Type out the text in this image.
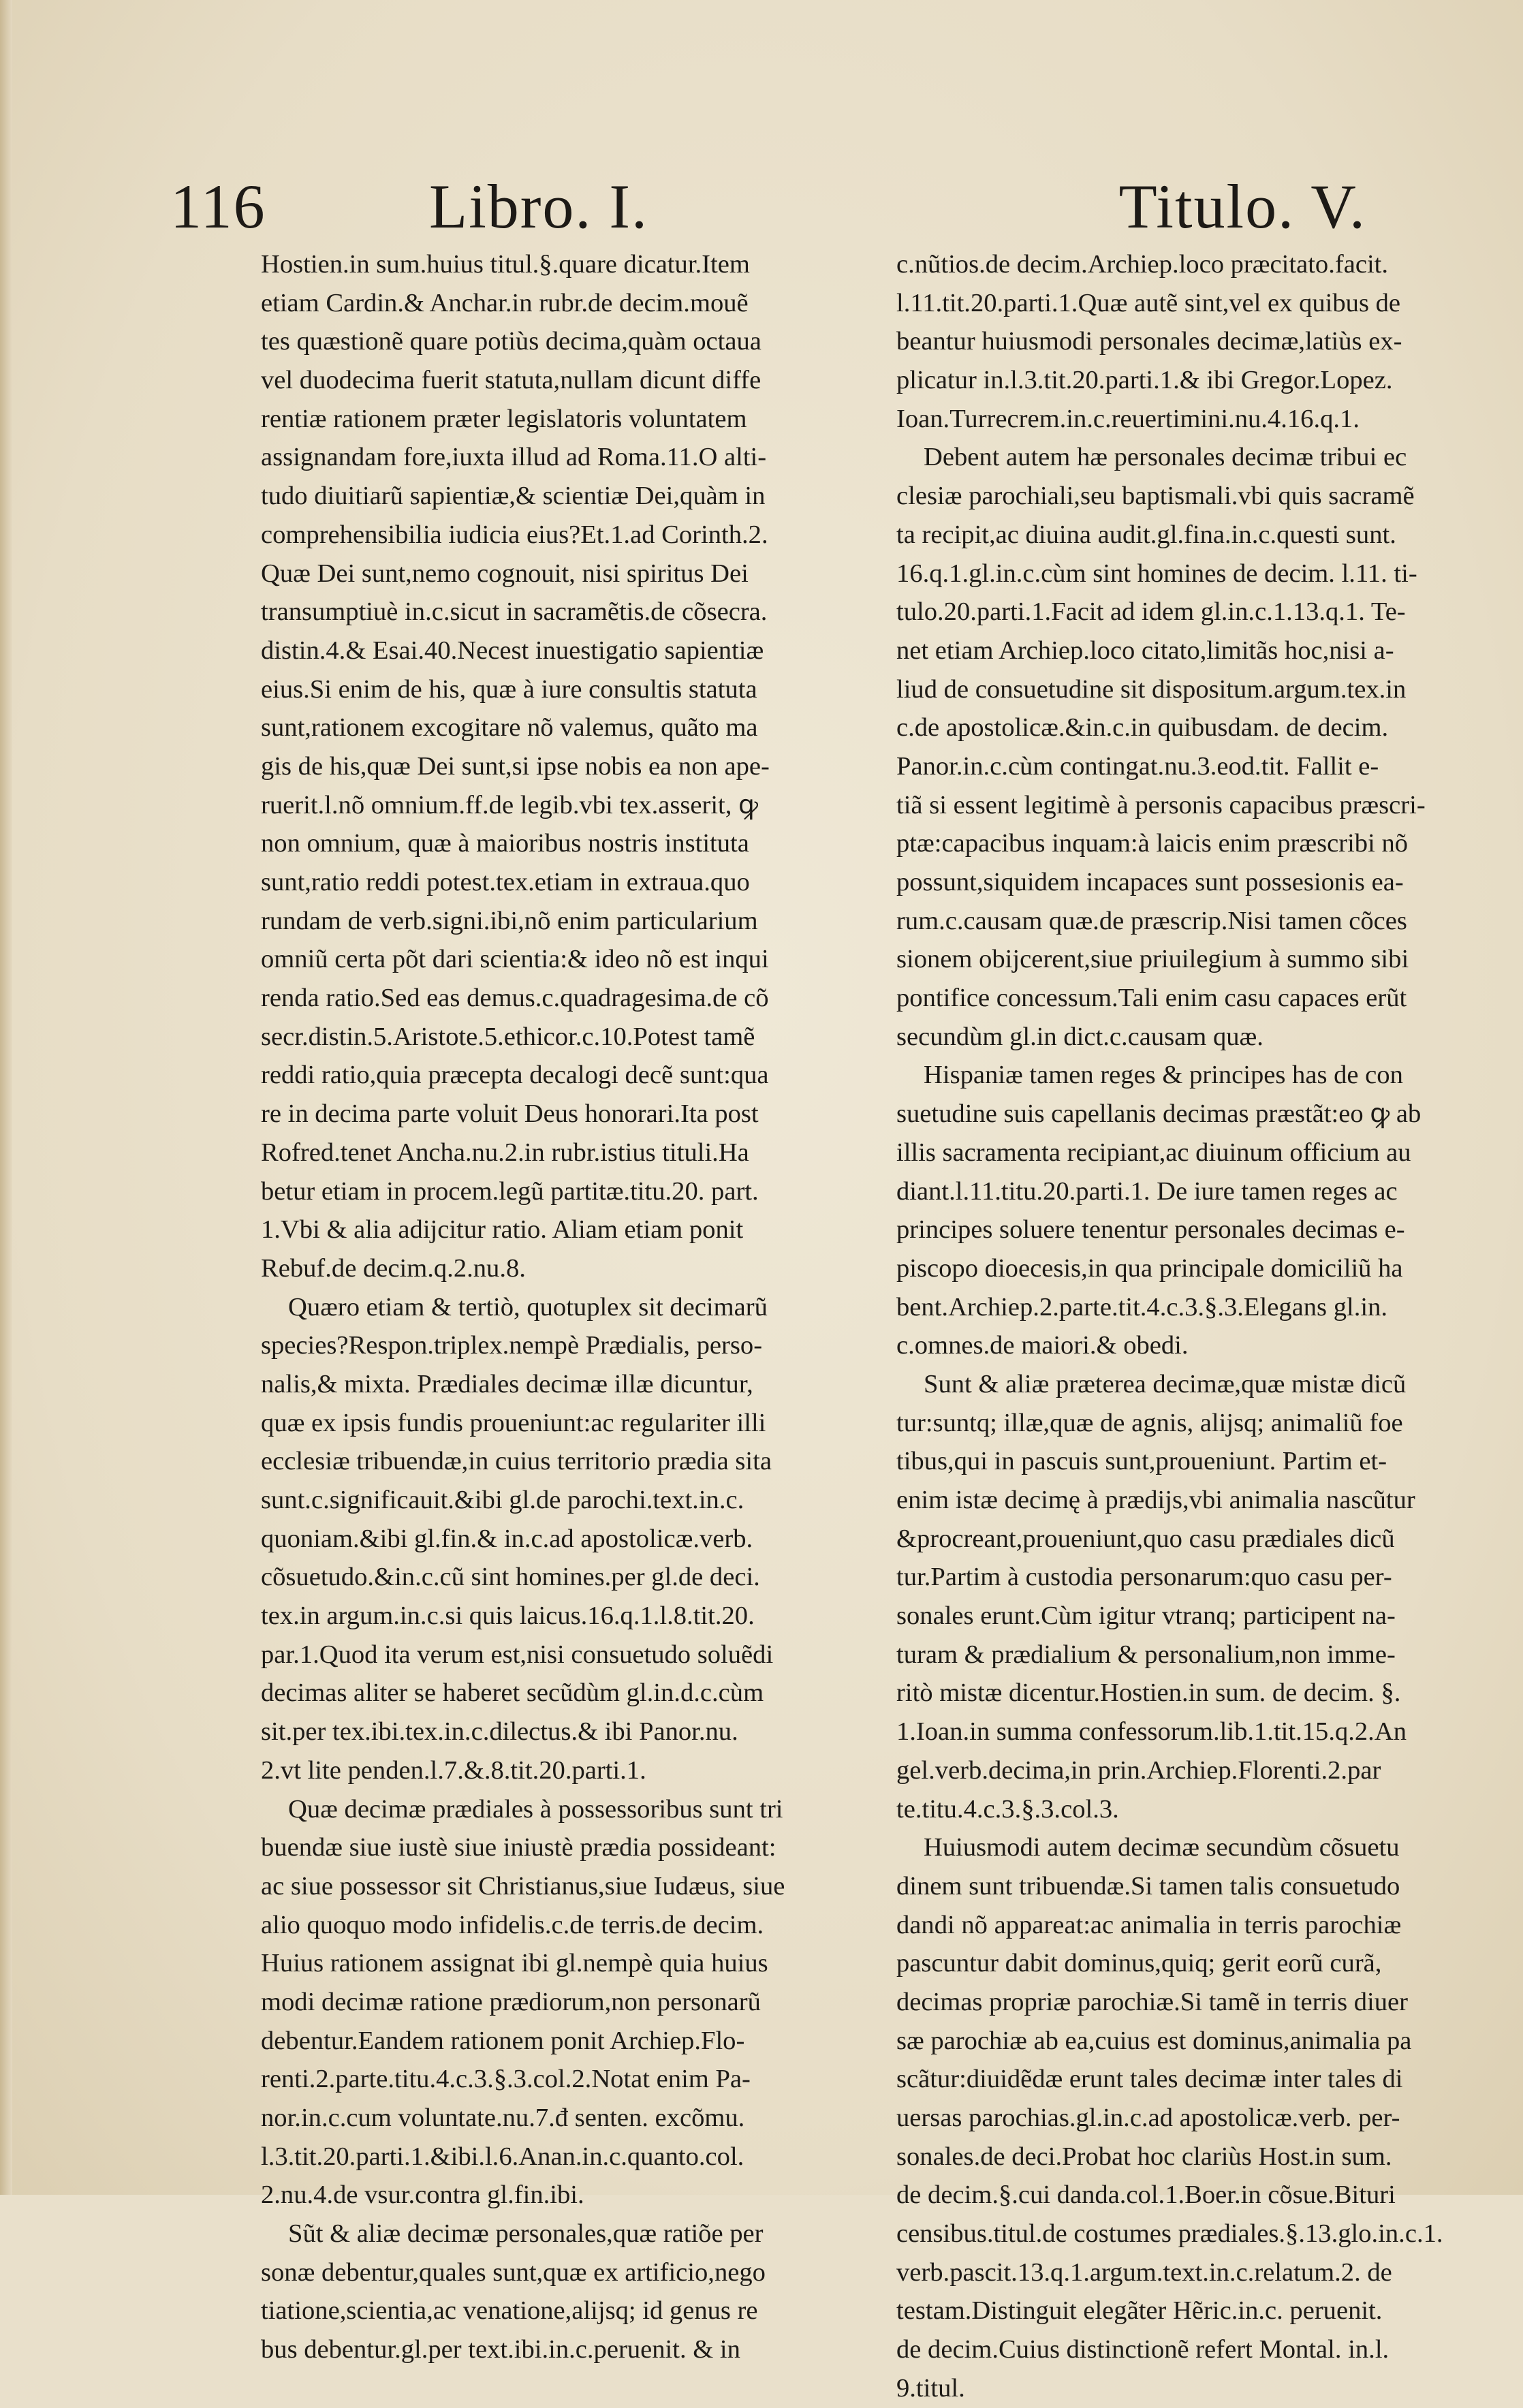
116	Libro. I.	Titulo. V.
Hostien.in sum.huius titul.§.quare dicatur.Item
etiam Cardin.& Anchar.in rubr.de decim.mouẽ
tes quæstionẽ quare potiùs decima,quàm octaua
vel duodecima fuerit statuta,nullam dicunt diffe
rentiæ rationem præter legislatoris voluntatem
assignandam fore,iuxta illud ad Roma.11.O alti-
tudo diuitiarũ sapientiæ,& scientiæ Dei,quàm in
comprehensibilia iudicia eius?Et.1.ad Corinth.2.
Quæ Dei sunt,nemo cognouit, nisi spiritus Dei
transumptiuè in.c.sicut in sacramẽtis.de cõsecra.
distin.4.& Esai.40.Necest inuestigatio sapientiæ
eius.Si enim de his, quæ à iure consultis statuta
sunt,rationem excogitare nõ valemus, quãto ma
gis de his,quæ Dei sunt,si ipse nobis ea non ape-
ruerit.l.nõ omnium.ff.de legib.vbi tex.asserit, ꝙ
non omnium, quæ à maioribus nostris instituta
sunt,ratio reddi potest.tex.etiam in extraua.quo
rundam de verb.signi.ibi,nõ enim particularium
omniũ certa põt dari scientia:& ideo nõ est inqui
renda ratio.Sed eas demus.c.quadragesima.de cõ
secr.distin.5.Aristote.5.ethicor.c.10.Potest tamẽ
reddi ratio,quia præcepta decalogi decẽ sunt:qua
re in decima parte voluit Deus honorari.Ita post
Rofred.tenet Ancha.nu.2.in rubr.istius tituli.Ha
betur etiam in procem.legũ partitæ.titu.20. part.
1.Vbi & alia adijcitur ratio. Aliam etiam ponit
Rebuf.de decim.q.2.nu.8.
Quæro etiam & tertiò, quotuplex sit decimarũ
species?Respon.triplex.nempè Prædialis, perso-
nalis,& mixta. Prædiales decimæ illæ dicuntur,
quæ ex ipsis fundis proueniunt:ac regulariter illi
ecclesiæ tribuendæ,in cuius territorio prædia sita
sunt.c.significauit.&ibi gl.de parochi.text.in.c.
quoniam.&ibi gl.fin.& in.c.ad apostolicæ.verb.
cõsuetudo.&in.c.cũ sint homines.per gl.de deci.
tex.in argum.in.c.si quis laicus.16.q.1.l.8.tit.20.
par.1.Quod ita verum est,nisi consuetudo soluẽdi
decimas aliter se haberet secũdùm gl.in.d.c.cùm
sit.per tex.ibi.tex.in.c.dilectus.& ibi Panor.nu.
2.vt lite penden.l.7.&.8.tit.20.parti.1.
Quæ decimæ prædiales à possessoribus sunt tri
buendæ siue iustè siue iniustè prædia possideant:
ac siue possessor sit Christianus,siue Iudæus, siue
alio quoquo modo infidelis.c.de terris.de decim.
Huius rationem assignat ibi gl.nempè quia huius
modi decimæ ratione prædiorum,non personarũ
debentur.Eandem rationem ponit Archiep.Flo-
renti.2.parte.titu.4.c.3.§.3.col.2.Notat enim Pa-
nor.in.c.cum voluntate.nu.7.đ senten. excõmu.
l.3.tit.20.parti.1.&ibi.l.6.Anan.in.c.quanto.col.
2.nu.4.de vsur.contra gl.fin.ibi.
Sũt & aliæ decimæ personales,quæ ratiõe per
sonæ debentur,quales sunt,quæ ex artificio,nego
tiatione,scientia,ac venatione,alijsq; id genus re
bus debentur.gl.per text.ibi.in.c.peruenit. & in
c.nũtios.de decim.Archiep.loco præcitato.facit.
l.11.tit.20.parti.1.Quæ autẽ sint,vel ex quibus de
beantur huiusmodi personales decimæ,latiùs ex-
plicatur in.l.3.tit.20.parti.1.& ibi Gregor.Lopez.
Ioan.Turrecrem.in.c.reuertimini.nu.4.16.q.1.
Debent autem hæ personales decimæ tribui ec
clesiæ parochiali,seu baptismali.vbi quis sacramẽ
ta recipit,ac diuina audit.gl.fina.in.c.questi sunt.
16.q.1.gl.in.c.cùm sint homines de decim. l.11. ti-
tulo.20.parti.1.Facit ad idem gl.in.c.1.13.q.1. Te-
net etiam Archiep.loco citato,limitãs hoc,nisi a-
liud de consuetudine sit dispositum.argum.tex.in
c.de apostolicæ.&in.c.in quibusdam. de decim.
Panor.in.c.cùm contingat.nu.3.eod.tit. Fallit e-
tiã si essent legitimè à personis capacibus præscri-
ptæ:capacibus inquam:à laicis enim præscribi nõ
possunt,siquidem incapaces sunt possesionis ea-
rum.c.causam quæ.de præscrip.Nisi tamen cõces
sionem obijcerent,siue priuilegium à summo sibi
pontifice concessum.Tali enim casu capaces erũt
secundùm gl.in dict.c.causam quæ.
Hispaniæ tamen reges & principes has de con
suetudine suis capellanis decimas præstãt:eo ꝙ ab
illis sacramenta recipiant,ac diuinum officium au
diant.l.11.titu.20.parti.1. De iure tamen reges ac
principes soluere tenentur personales decimas e-
piscopo dioecesis,in qua principale domiciliũ ha
bent.Archiep.2.parte.tit.4.c.3.§.3.Elegans gl.in.
c.omnes.de maiori.& obedi.
Sunt & aliæ præterea decimæ,quæ mistæ dicũ
tur:suntq; illæ,quæ de agnis, alijsq; animaliũ foe
tibus,qui in pascuis sunt,proueniunt. Partim et-
enim istæ decimę à prædijs,vbi animalia nascũtur
&procreant,proueniunt,quo casu prædiales dicũ
tur.Partim à custodia personarum:quo casu per-
sonales erunt.Cùm igitur vtranq; participent na-
turam & prædialium & personalium,non imme-
ritò mistæ dicentur.Hostien.in sum. de decim. §.
1.Ioan.in summa confessorum.lib.1.tit.15.q.2.An
gel.verb.decima,in prin.Archiep.Florenti.2.par
te.titu.4.c.3.§.3.col.3.
Huiusmodi autem decimæ secundùm cõsuetu
dinem sunt tribuendæ.Si tamen talis consuetudo
dandi nõ appareat:ac animalia in terris parochiæ
pascuntur dabit dominus,quiq; gerit eorũ curã,
decimas propriæ parochiæ.Si tamẽ in terris diuer
sæ parochiæ ab ea,cuius est dominus,animalia pa
scãtur:diuidẽdæ erunt tales decimæ inter tales di
uersas parochias.gl.in.c.ad apostolicæ.verb. per-
sonales.de deci.Probat hoc clariùs Host.in sum.
de decim.§.cui danda.col.1.Boer.in cõsue.Bituri
censibus.titul.de costumes prædiales.§.13.glo.in.c.1.
verb.pascit.13.q.1.argum.text.in.c.relatum.2. de
testam.Distinguit elegãter Hẽric.in.c. peruenit.
de decim.Cuius distinctionẽ refert Montal. in.l.
9.titul.
